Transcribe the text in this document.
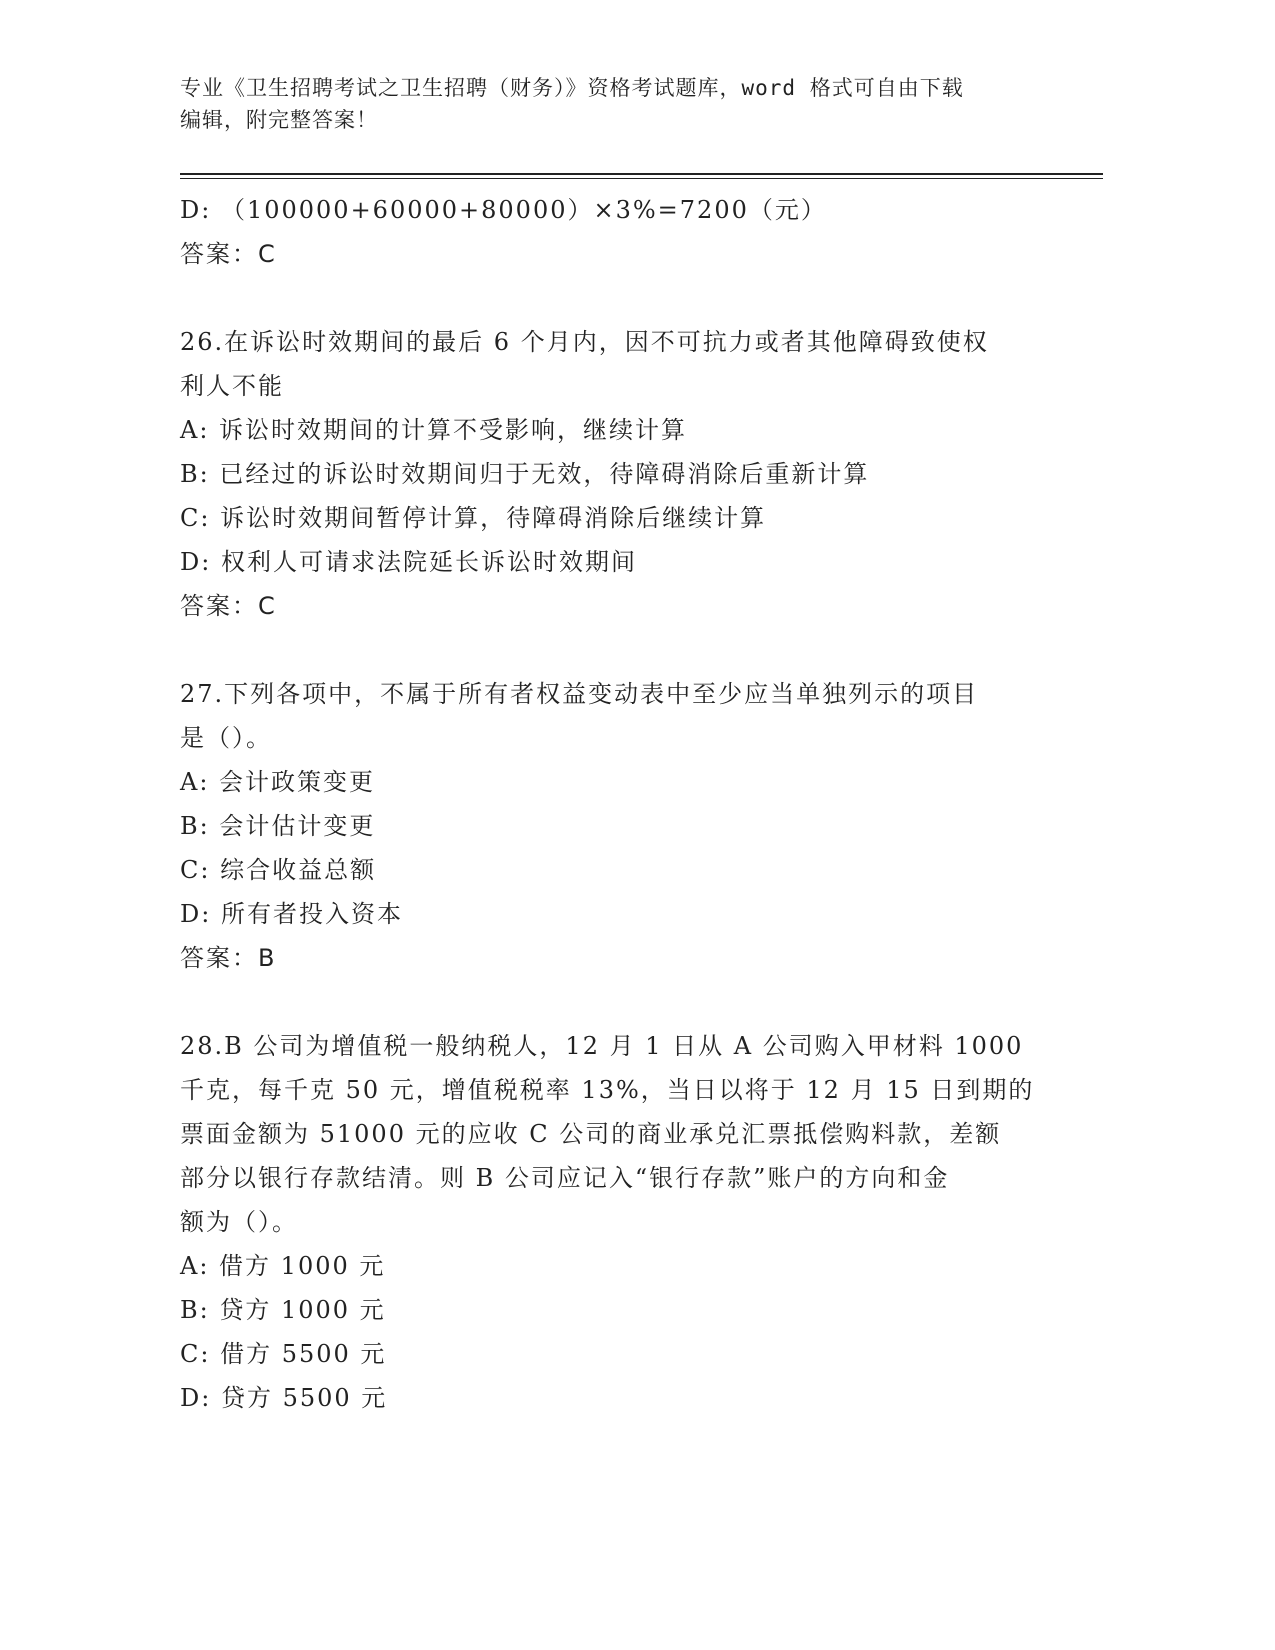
专业《卫生招聘考试之卫生招聘（财务）》资格考试题库，word 格式可自由下载
编辑，附完整答案！
D: （100000+60000+80000）×3%=7200（元）
答案：C
26.在诉讼时效期间的最后 6 个月内，因不可抗力或者其他障碍致使权
利人不能
A: 诉讼时效期间的计算不受影响，继续计算
B: 已经过的诉讼时效期间归于无效，待障碍消除后重新计算
C: 诉讼时效期间暂停计算，待障碍消除后继续计算
D: 权利人可请求法院延长诉讼时效期间
答案：C
27.下列各项中，不属于所有者权益变动表中至少应当单独列示的项目
是（）。
A: 会计政策变更
B: 会计估计变更
C: 综合收益总额
D: 所有者投入资本
答案：B
28.B 公司为增值税一般纳税人，12 月 1 日从 A 公司购入甲材料 1000
千克，每千克 50 元，增值税税率 13%，当日以将于 12 月 15 日到期的
票面金额为 51000 元的应收 C 公司的商业承兑汇票抵偿购料款，差额
部分以银行存款结清。则 B 公司应记入“银行存款”账户的方向和金
额为（）。
A: 借方 1000 元
B: 贷方 1000 元
C: 借方 5500 元
D: 贷方 5500 元
